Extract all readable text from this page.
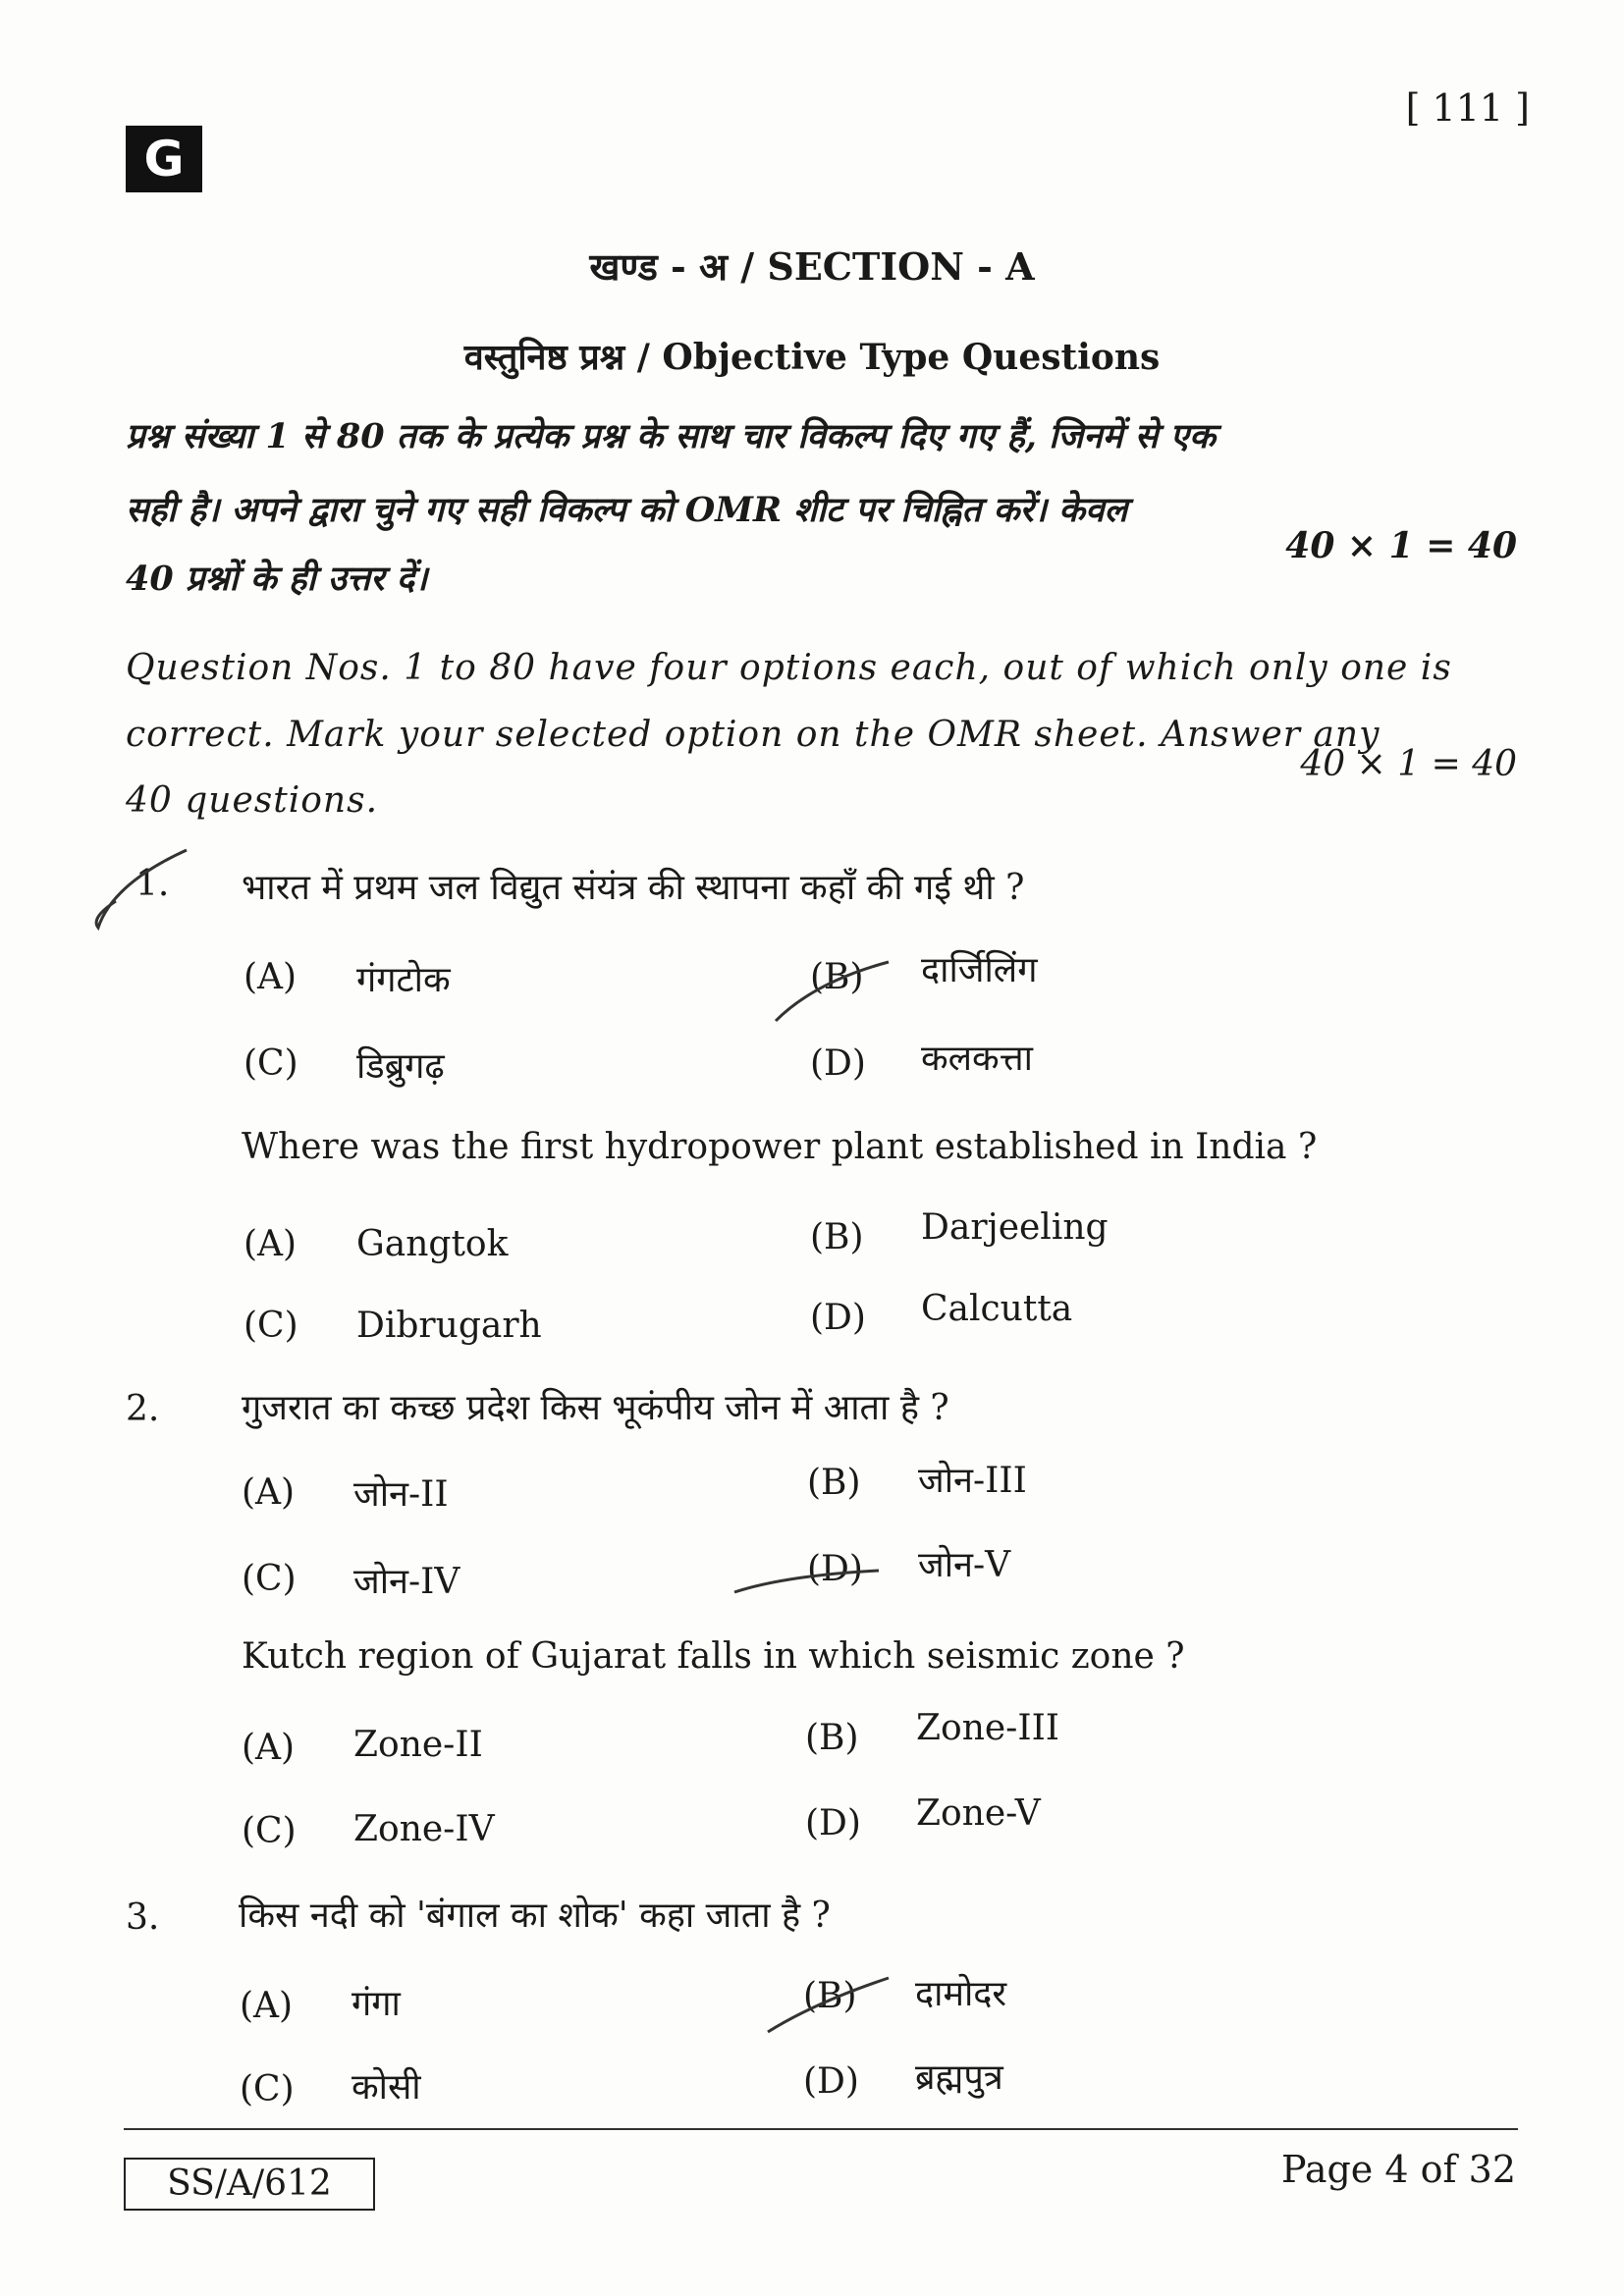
G
[ 111 ]
खण्ड - अ / SECTION - A
वस्तुनिष्ठ प्रश्न / Objective Type Questions
प्रश्न संख्या 1 से 80 तक के प्रत्येक प्रश्न के साथ चार विकल्प दिए गए हैं, जिनमें से एक
सही है। अपने द्वारा चुने गए सही विकल्प को OMR शीट पर चिह्नित करें। केवल
40 प्रश्नों के ही उत्तर दें।
40 × 1 = 40
Question Nos. 1 to 80 have four options each, out of which only one is
correct. Mark your selected option on the OMR sheet. Answer any
40 questions.
40 × 1 = 40
1. भारत में प्रथम जल विद्युत संयंत्र की स्थापना कहाँ की गई थी ?
(A) गंगटोक	(B) दार्जिलिंग
(C) डिब्रुगढ़	(D) कलकत्ता
Where was the first hydropower plant established in India ?
(A) Gangtok	(B) Darjeeling
(C) Dibrugarh	(D) Calcutta
2. गुजरात का कच्छ प्रदेश किस भूकंपीय जोन में आता है ?
(A) जोन-II	(B) जोन-III
(C) जोन-IV	(D) जोन-V
Kutch region of Gujarat falls in which seismic zone ?
(A) Zone-II	(B) Zone-III
(C) Zone-IV	(D) Zone-V
3. किस नदी को 'बंगाल का शोक' कहा जाता है ?
(A) गंगा	(B) दामोदर
(C) कोसी	(D) ब्रह्मपुत्र
SS/A/612	Page 4 of 32
